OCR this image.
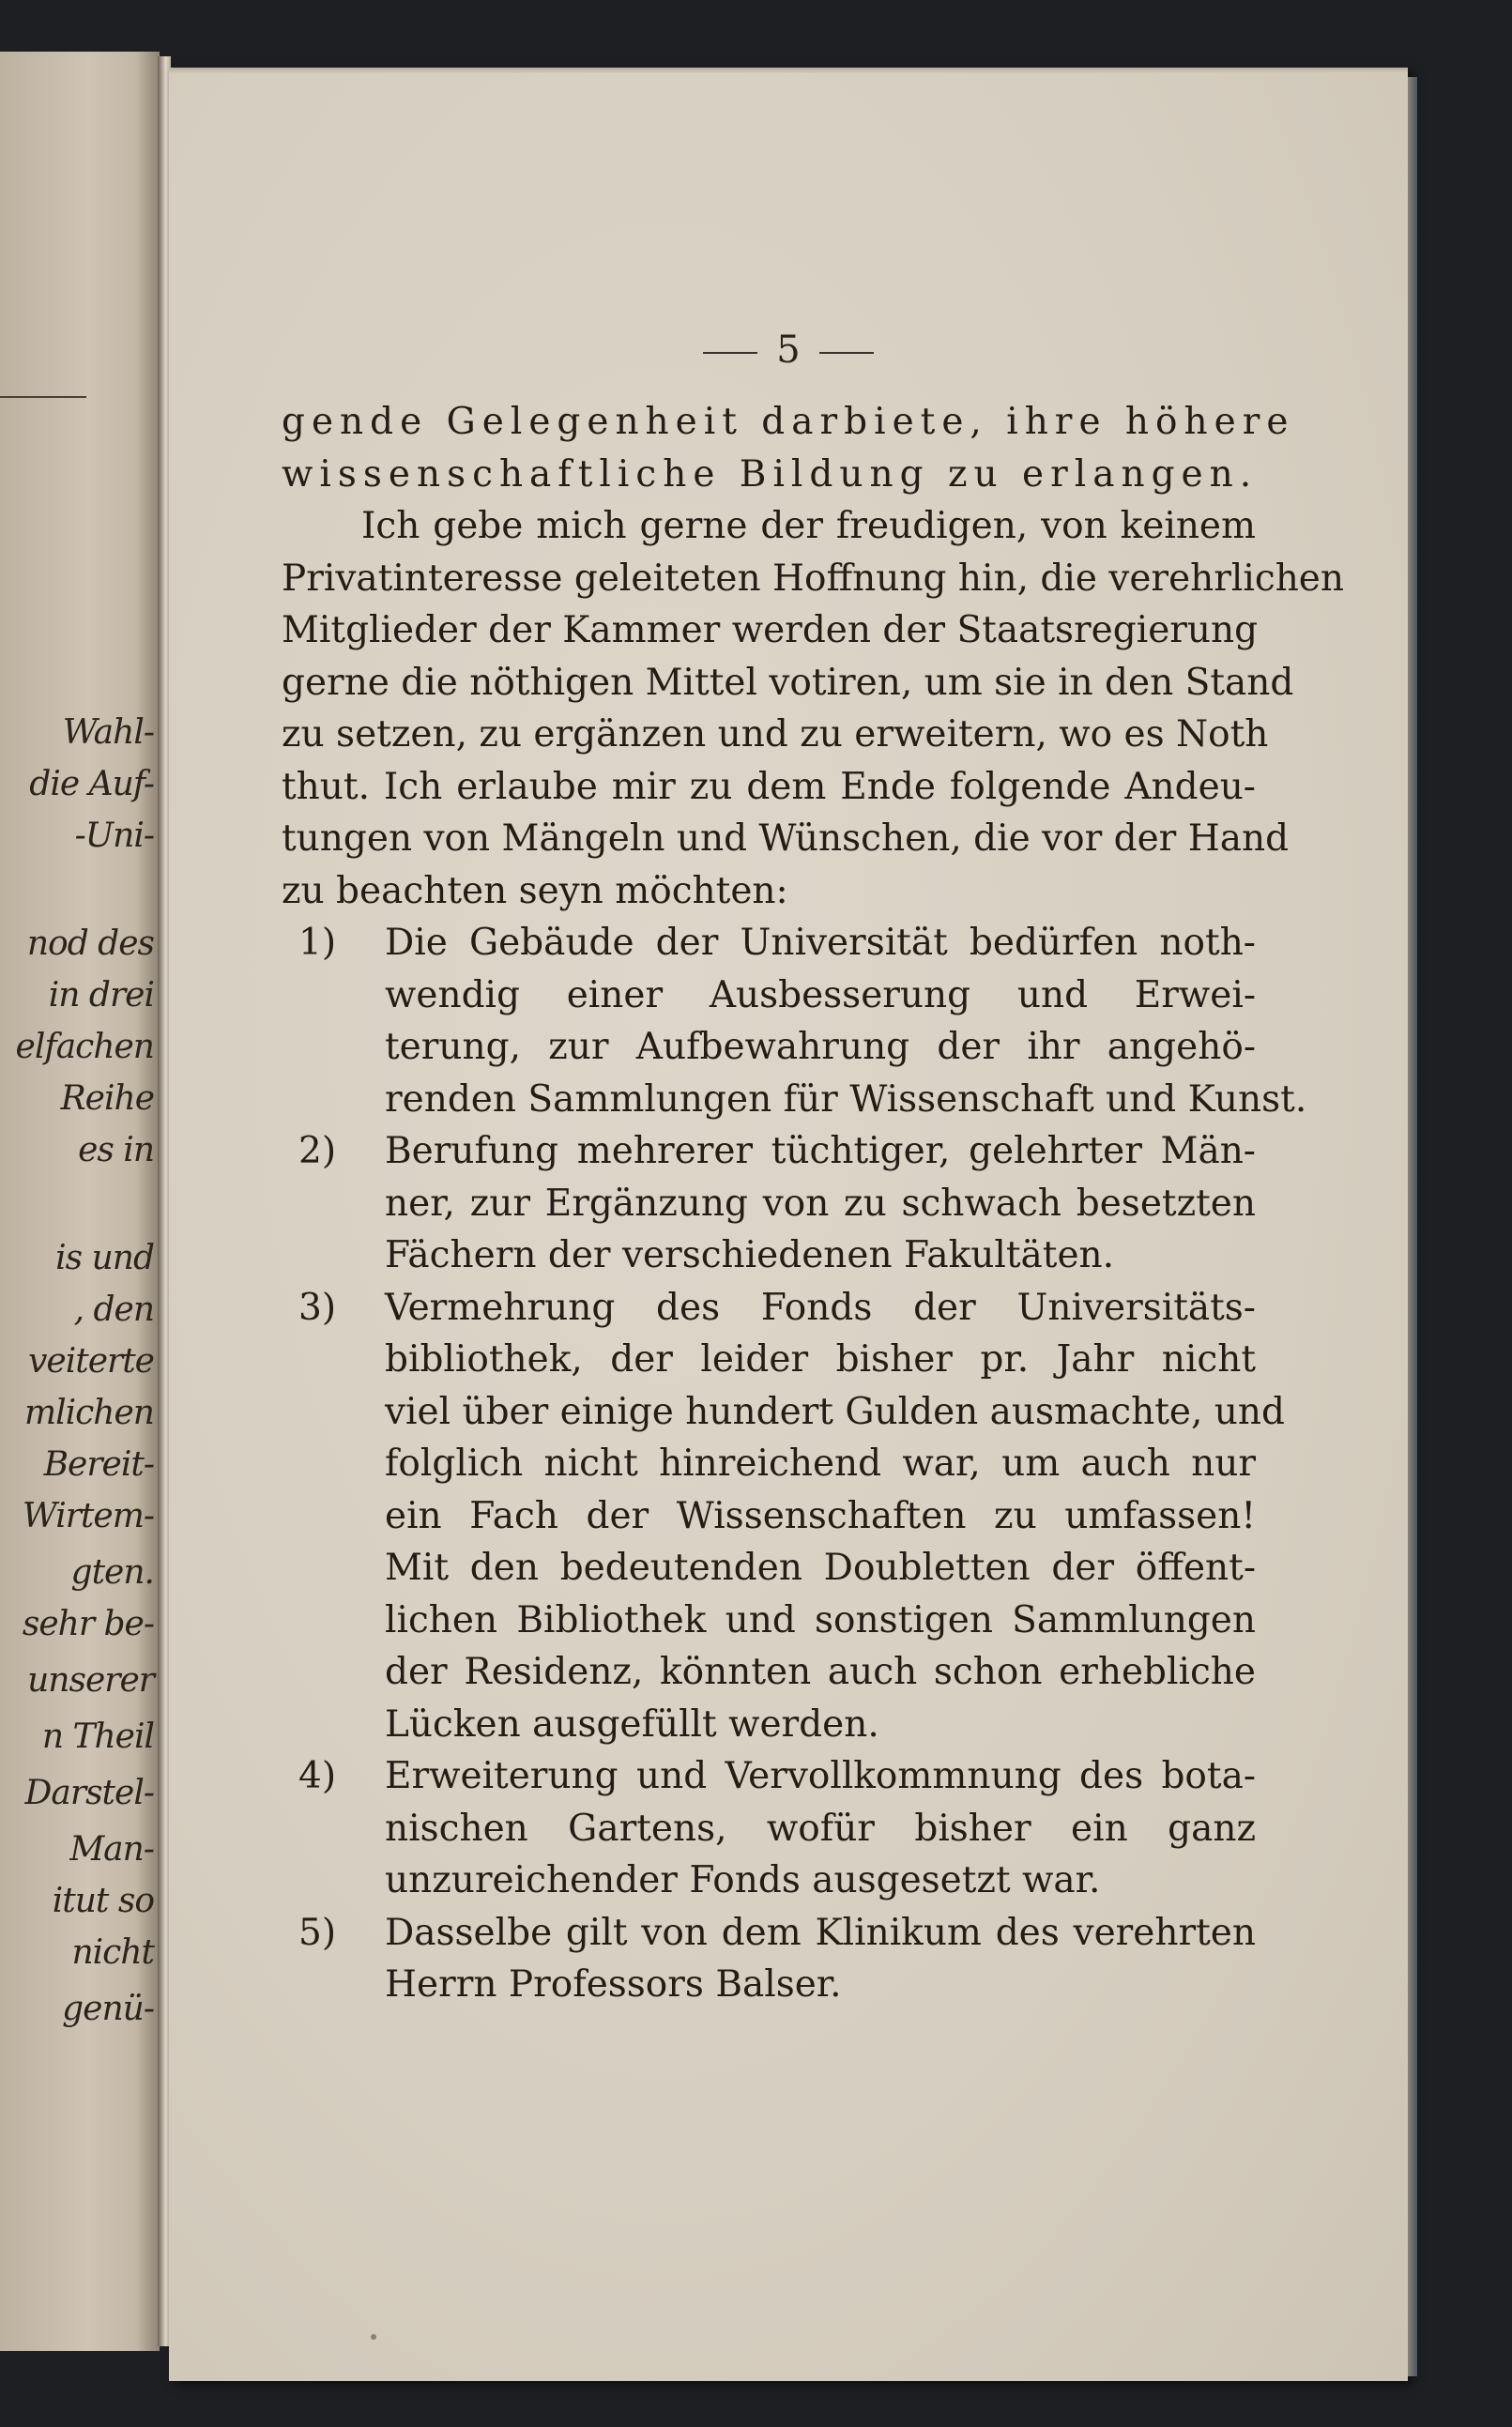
Wahl-
die Auf-
-Uni-
nod des
in drei
elfachen
Reihe
es in
is und
, den
veiterte
mlichen
Bereit-
Wirtem-
gten.
sehr be-
unserer
n Theil
Darstel-
Man-
itut so
nicht
genü-
5
gende Gelegenheit darbiete, ihre höhere
wissenschaftliche Bildung zu erlangen.
Ich gebe mich gerne der freudigen, von keinem
Privatinteresse geleiteten Hoffnung hin, die verehrlichen
Mitglieder der Kammer werden der Staatsregierung
gerne die nöthigen Mittel votiren, um sie in den Stand
zu setzen, zu ergänzen und zu erweitern, wo es Noth
thut. Ich erlaube mir zu dem Ende folgende Andeu-
tungen von Mängeln und Wünschen, die vor der Hand
zu beachten seyn möchten:
1) Die Gebäude der Universität bedürfen noth-
wendig einer Ausbesserung und Erwei-
terung, zur Aufbewahrung der ihr angehö-
renden Sammlungen für Wissenschaft und Kunst.
2) Berufung mehrerer tüchtiger, gelehrter Män-
ner, zur Ergänzung von zu schwach besetzten
Fächern der verschiedenen Fakultäten.
3) Vermehrung des Fonds der Universitäts-
bibliothek, der leider bisher pr. Jahr nicht
viel über einige hundert Gulden ausmachte, und
folglich nicht hinreichend war, um auch nur
ein Fach der Wissenschaften zu umfassen!
Mit den bedeutenden Doubletten der öffent-
lichen Bibliothek und sonstigen Sammlungen
der Residenz, könnten auch schon erhebliche
Lücken ausgefüllt werden.
4) Erweiterung und Vervollkommnung des bota-
nischen Gartens, wofür bisher ein ganz
unzureichender Fonds ausgesetzt war.
5) Dasselbe gilt von dem Klinikum des verehrten
Herrn Professors Balser.
